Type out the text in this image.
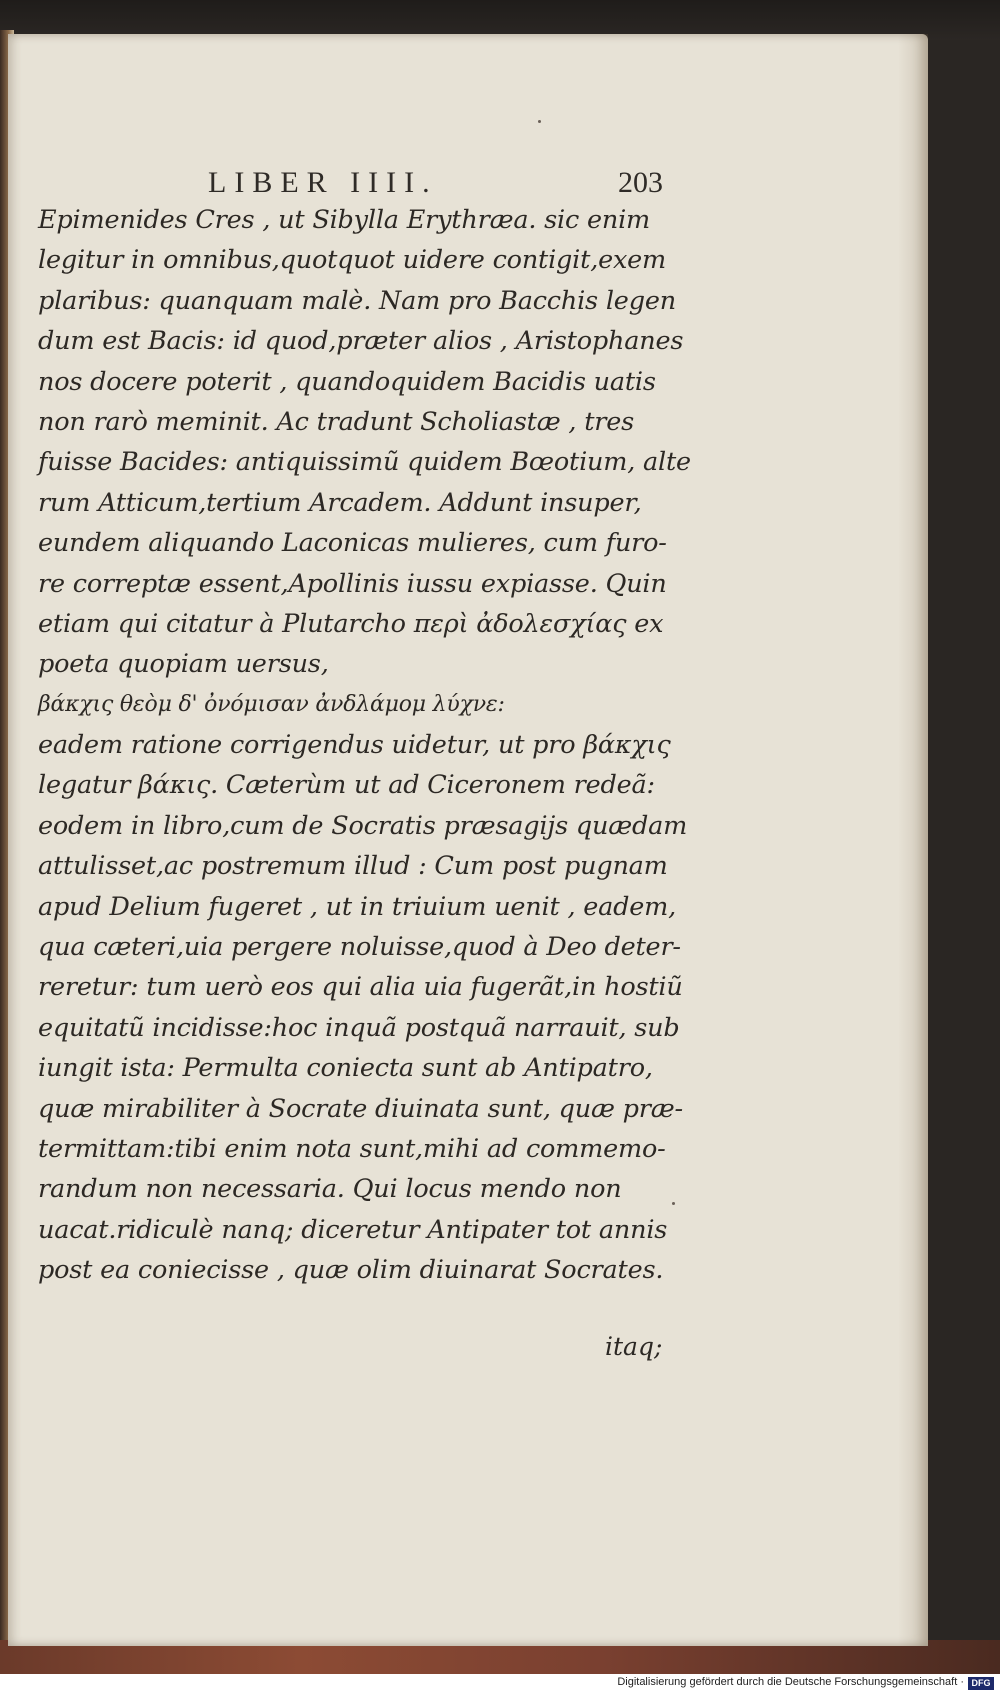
LIBER IIII.	203
Epimenides Cres , ut Sibylla Erythræa. sic enim
legitur in omnibus,quotquot uidere contigit,exem
plaribus: quanquam malè. Nam pro Bacchis legen
dum est Bacis: id quod,præter alios , Aristophanes
nos docere poterit , quandoquidem Bacidis uatis
non rarò meminit. Ac tradunt Scholiastæ , tres
fuisse Bacides: antiquissimũ quidem Bœotium, alte
rum Atticum,tertium Arcadem. Addunt insuper,
eundem aliquando Laconicas mulieres, cum furo-
re correptæ essent,Apollinis iussu expiasse. Quin
etiam qui citatur à Plutarcho περὶ ἀδολεσχίας ex
poeta quopiam uersus,
βάκχις θεὸμ δ' ὀνόμισαν ἀνδλάμομ λύχνε:
eadem ratione corrigendus uidetur, ut pro βάκχις
legatur βάκις. Cæterùm ut ad Ciceronem redeã:
eodem in libro,cum de Socratis præsagijs quædam
attulisset,ac postremum illud : Cum post pugnam
apud Delium fugeret , ut in triuium uenit , eadem,
qua cæteri,uia pergere noluisse,quod à Deo deter-
reretur: tum uerò eos qui alia uia fugerãt,in hostiũ
equitatũ incidisse:hoc inquã postquã narrauit, sub
iungit ista: Permulta coniecta sunt ab Antipatro,
quæ mirabiliter à Socrate diuinata sunt, quæ præ-
termittam:tibi enim nota sunt,mihi ad commemo-
randum non necessaria. Qui locus mendo non
uacat.ridiculè nanq; diceretur Antipater tot annis
post ea coniecisse , quæ olim diuinarat Socrates.
itaq;
Digitalisierung gefördert durch die Deutsche Forschungsgemeinschaft · DFG
